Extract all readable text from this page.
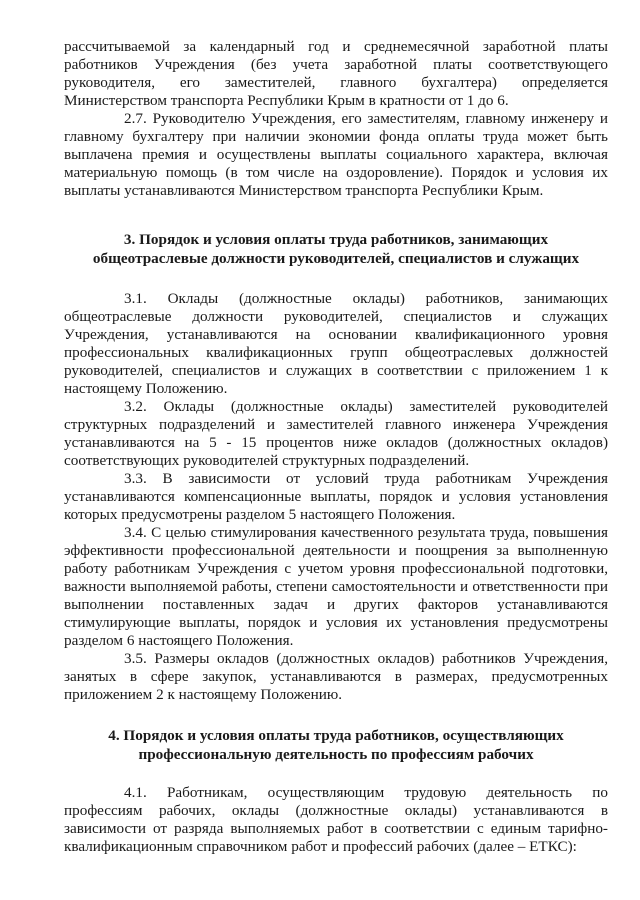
рассчитываемой за календарный год и среднемесячной заработной платы работников Учреждения (без учета заработной платы соответствующего руководителя, его заместителей, главного бухгалтера) определяется Министерством транспорта Республики Крым в кратности от 1 до 6.

2.7. Руководителю Учреждения, его заместителям, главному инженеру и главному бухгалтеру при наличии экономии фонда оплаты труда может быть выплачена премия и осуществлены выплаты социального характера, включая материальную помощь (в том числе на оздоровление). Порядок и условия их выплаты устанавливаются Министерством транспорта Республики Крым.

3. Порядок и условия оплаты труда работников, занимающих
общеотраслевые должности руководителей, специалистов и служащих

3.1. Оклады (должностные оклады) работников, занимающих общеотраслевые должности руководителей, специалистов и служащих Учреждения, устанавливаются на основании квалификационного уровня профессиональных квалификационных групп общеотраслевых должностей руководителей, специалистов и служащих в соответствии с приложением 1 к настоящему Положению.

3.2. Оклады (должностные оклады) заместителей руководителей структурных подразделений и заместителей главного инженера Учреждения устанавливаются на 5 - 15 процентов ниже окладов (должностных окладов) соответствующих руководителей структурных подразделений.

3.3. В зависимости от условий труда работникам Учреждения устанавливаются компенсационные выплаты, порядок и условия установления которых предусмотрены разделом 5 настоящего Положения.

3.4. С целью стимулирования качественного результата труда, повышения эффективности профессиональной деятельности и поощрения за выполненную работу работникам Учреждения с учетом уровня профессиональной подготовки, важности выполняемой работы, степени самостоятельности и ответственности при выполнении поставленных задач и других факторов устанавливаются стимулирующие выплаты, порядок и условия их установления предусмотрены разделом 6 настоящего Положения.

3.5. Размеры окладов (должностных окладов) работников Учреждения, занятых в сфере закупок, устанавливаются в размерах, предусмотренных приложением 2 к настоящему Положению.

4. Порядок и условия оплаты труда работников, осуществляющих
профессиональную деятельность по профессиям рабочих

4.1. Работникам, осуществляющим трудовую деятельность по профессиям рабочих, оклады (должностные оклады) устанавливаются в зависимости от разряда выполняемых работ в соответствии с единым тарифно-квалификационным справочником работ и профессий рабочих (далее – ЕТКС):
